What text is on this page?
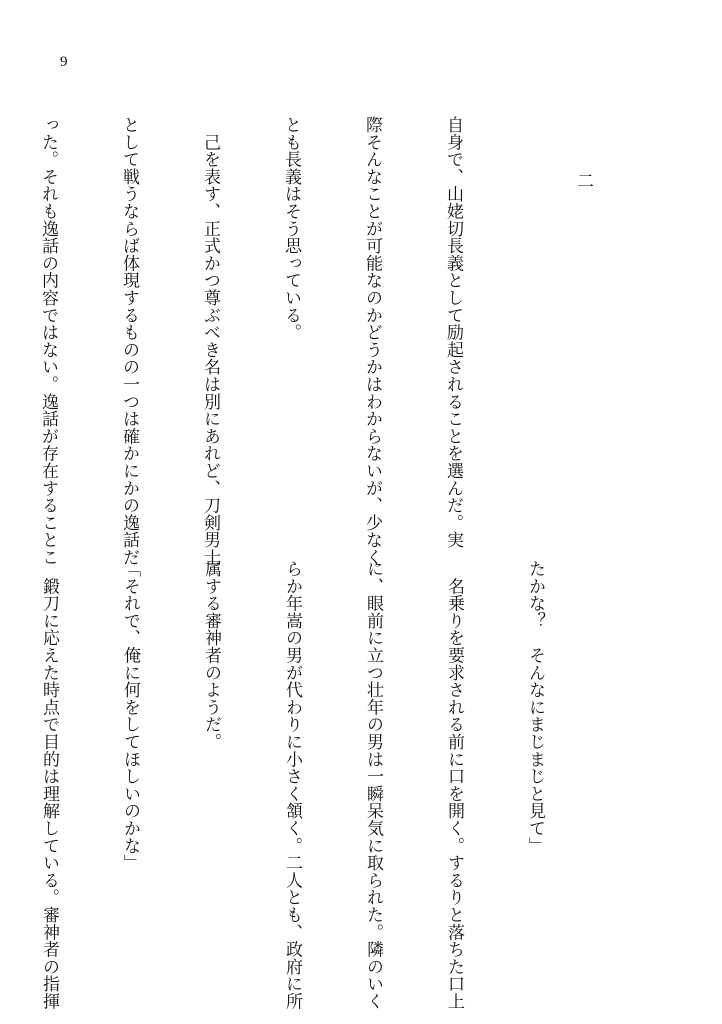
9
二

自身で、山姥切長義として励起されることを選んだ。実

際そんなことが可能なのかどうかはわからないが、少なく

とも長義はそう思っている。

　己を表す、正式かつ尊ぶべき名は別にあれど、刀剣男士

として戦うならば体現するものの一つは確かにかの逸話だ

った。それも逸話の内容ではない。逸話が存在することこ

たかな？　そんなにまじまじと見て」

　名乗りを要求される前に口を開く。するりと落ちた口上

に、眼前に立つ壮年の男は一瞬呆気に取られた。隣のいく

らか年嵩の男が代わりに小さく頷く。二人とも、政府に所

属する審神者のようだ。

「それで、俺に何をしてほしいのかな」

　鍛刀に応えた時点で目的は理解している。審神者の指揮
